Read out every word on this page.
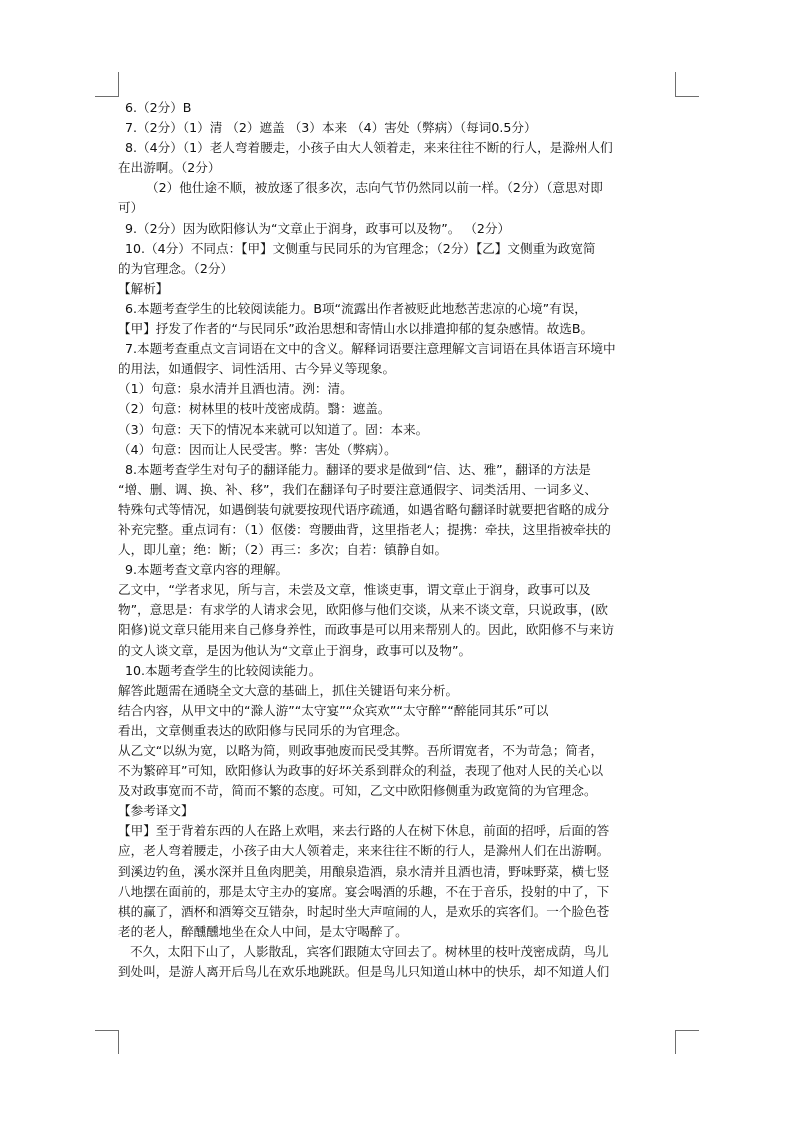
6.（2分）B

7.（2分）（1）清 （2）遮盖 （3）本来 （4）害处（弊病）（每词0.5分）

8.（4分）（1）老人弯着腰走，小孩子由大人领着走，来来往往不断的行人，是滁州人们

在出游啊。（2分）

（2）他仕途不顺，被放逐了很多次，志向气节仍然同以前一样。（2分）（意思对即

可）

9.（2分）因为欧阳修认为“文章止于润身，政事可以及物”。 （2分）

10.（4分）不同点：【甲】文侧重与民同乐的为官理念；（2分）【乙】文侧重为政宽简

的为官理念。（2分）

【解析】

6.本题考查学生的比较阅读能力。B项“流露出作者被贬此地愁苦悲凉的心境”有误，

【甲】抒发了作者的“与民同乐”政治思想和寄情山水以排遣抑郁的复杂感情。故选B。

7.本题考查重点文言词语在文中的含义。解释词语要注意理解文言词语在具体语言环境中

的用法，如通假字、词性活用、古今异义等现象。

（1）句意：泉水清并且酒也清。洌：清。

（2）句意：树林里的枝叶茂密成荫。翳：遮盖。

（3）句意：天下的情况本来就可以知道了。固：本来。

（4）句意：因而让人民受害。弊：害处（弊病）。

8.本题考查学生对句子的翻译能力。翻译的要求是做到“信、达、雅”，翻译的方法是

“增、删、调、换、补、移”，我们在翻译句子时要注意通假字、词类活用、一词多义、

特殊句式等情况，如遇倒装句就要按现代语序疏通，如遇省略句翻译时就要把省略的成分

补充完整。重点词有：（1）伛偻：弯腰曲背，这里指老人；提携：牵扶，这里指被牵扶的

人，即儿童；绝：断；（2）再三：多次；自若：镇静自如。

9.本题考查文章内容的理解。

乙文中，“学者求见，所与言，未尝及文章，惟谈吏事，谓文章止于润身，政事可以及

物”，意思是：有求学的人请求会见，欧阳修与他们交谈，从来不谈文章，只说政事，(欧

阳修)说文章只能用来自己修身养性，而政事是可以用来帮别人的。因此，欧阳修不与来访

的文人谈文章，是因为他认为“文章止于润身，政事可以及物”。

10.本题考查学生的比较阅读能力。

解答此题需在通晓全文大意的基础上，抓住关键语句来分析。

结合内容，从甲文中的“滁人游”“太守宴”“众宾欢”“太守醉”“醉能同其乐”可以

看出，文章侧重表达的欧阳修与民同乐的为官理念。

从乙文“以纵为宽，以略为简，则政事弛废而民受其弊。吾所谓宽者，不为苛急；简者，

不为繁碎耳”可知，欧阳修认为政事的好坏关系到群众的利益，表现了他对人民的关心以

及对政事宽而不苛，简而不繁的态度。可知，乙文中欧阳修侧重为政宽简的为官理念。

【参考译文】

【甲】至于背着东西的人在路上欢唱，来去行路的人在树下休息，前面的招呼，后面的答

应，老人弯着腰走，小孩子由大人领着走，来来往往不断的行人，是滁州人们在出游啊。

到溪边钓鱼，溪水深并且鱼肉肥美，用酿泉造酒，泉水清并且酒也清，野味野菜，横七竖

八地摆在面前的，那是太守主办的宴席。宴会喝酒的乐趣，不在于音乐，投射的中了，下

棋的赢了，酒杯和酒筹交互错杂，时起时坐大声喧闹的人，是欢乐的宾客们。一个脸色苍

老的老人，醉醺醺地坐在众人中间，是太守喝醉了。

不久，太阳下山了，人影散乱，宾客们跟随太守回去了。树林里的枝叶茂密成荫，鸟儿

到处叫，是游人离开后鸟儿在欢乐地跳跃。但是鸟儿只知道山林中的快乐，却不知道人们
